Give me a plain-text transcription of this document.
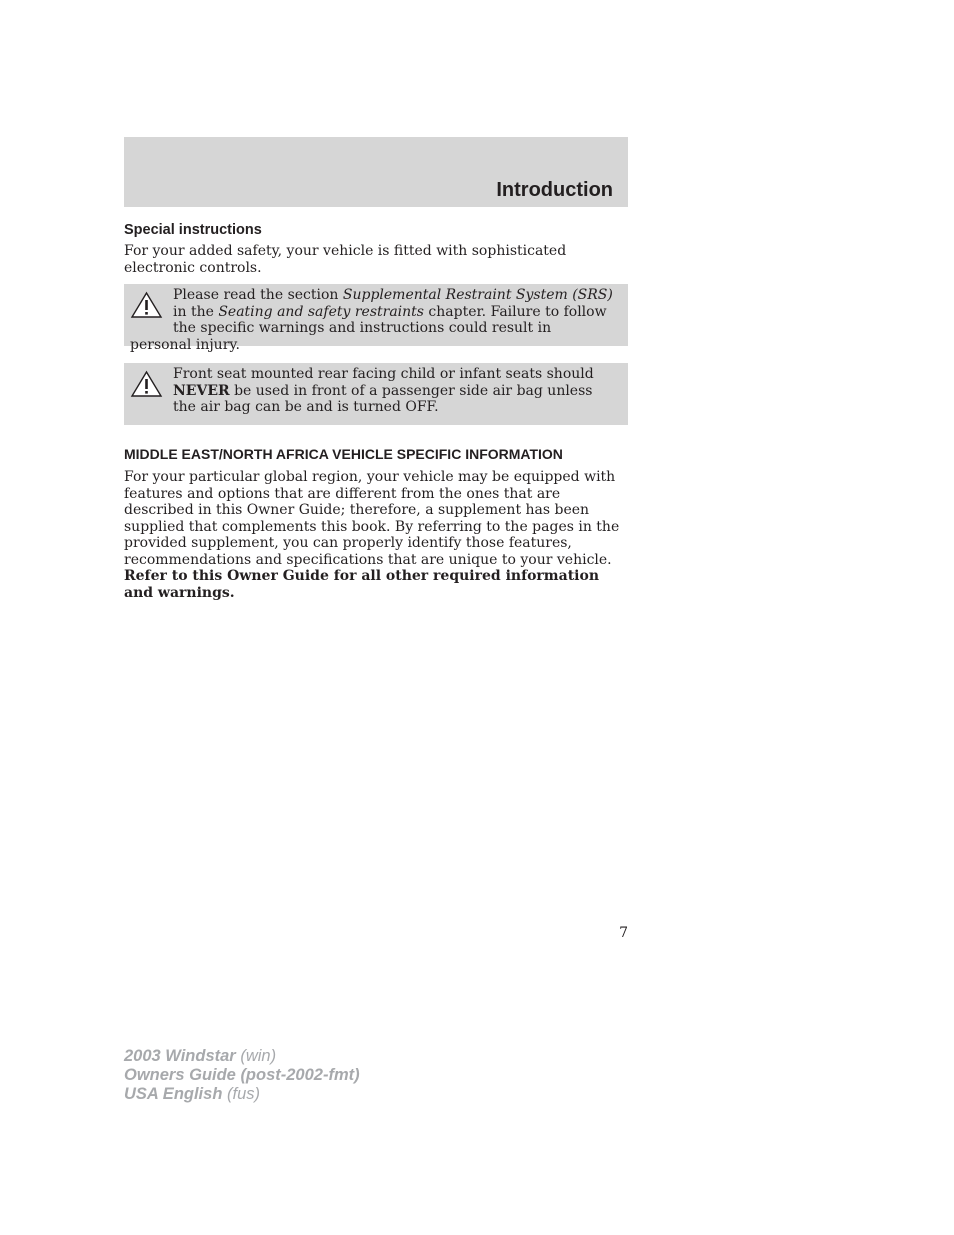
Introduction
Special instructions

For your added safety, your vehicle is fitted with sophisticated electronic controls.

Please read the section Supplemental Restraint System (SRS) in the Seating and safety restraints chapter. Failure to follow the specific warnings and instructions could result in personal injury.
Front seat mounted rear facing child or infant seats should NEVER be used in front of a passenger side air bag unless the air bag can be and is turned OFF.
MIDDLE EAST/NORTH AFRICA VEHICLE SPECIFIC INFORMATION

For your particular global region, your vehicle may be equipped with features and options that are different from the ones that are described in this Owner Guide; therefore, a supplement has been supplied that complements this book. By referring to the pages in the provided supplement, you can properly identify those features, recommendations and specifications that are unique to your vehicle. Refer to this Owner Guide for all other required information and warnings.

7
2003 Windstar (win)
Owners Guide (post-2002-fmt)
USA English (fus)
